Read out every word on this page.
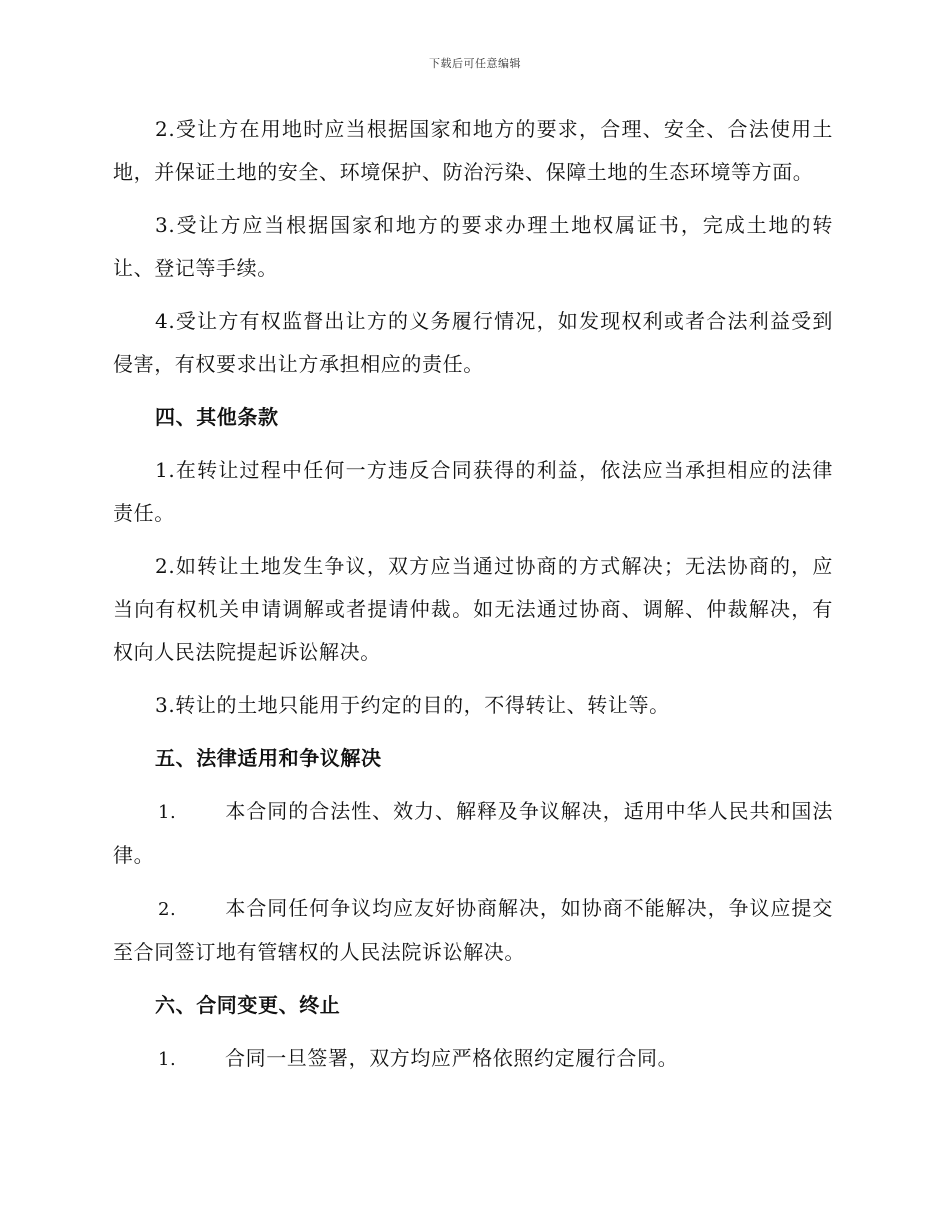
下载后可任意编辑

2.受让方在用地时应当根据国家和地方的要求，合理、安全、合法使用土地，并保证土地的安全、环境保护、防治污染、保障土地的生态环境等方面。

3.受让方应当根据国家和地方的要求办理土地权属证书，完成土地的转让、登记等手续。

4.受让方有权监督出让方的义务履行情况，如发现权利或者合法利益受到侵害，有权要求出让方承担相应的责任。

四、其他条款

1.在转让过程中任何一方违反合同获得的利益，依法应当承担相应的法律责任。

2.如转让土地发生争议，双方应当通过协商的方式解决；无法协商的，应当向有权机关申请调解或者提请仲裁。如无法通过协商、调解、仲裁解决，有权向人民法院提起诉讼解决。

3.转让的土地只能用于约定的目的，不得转让、转让等。

五、法律适用和争议解决

1. 本合同的合法性、效力、解释及争议解决，适用中华人民共和国法律。

2. 本合同任何争议均应友好协商解决，如协商不能解决，争议应提交至合同签订地有管辖权的人民法院诉讼解决。

六、合同变更、终止

1. 合同一旦签署，双方均应严格依照约定履行合同。
